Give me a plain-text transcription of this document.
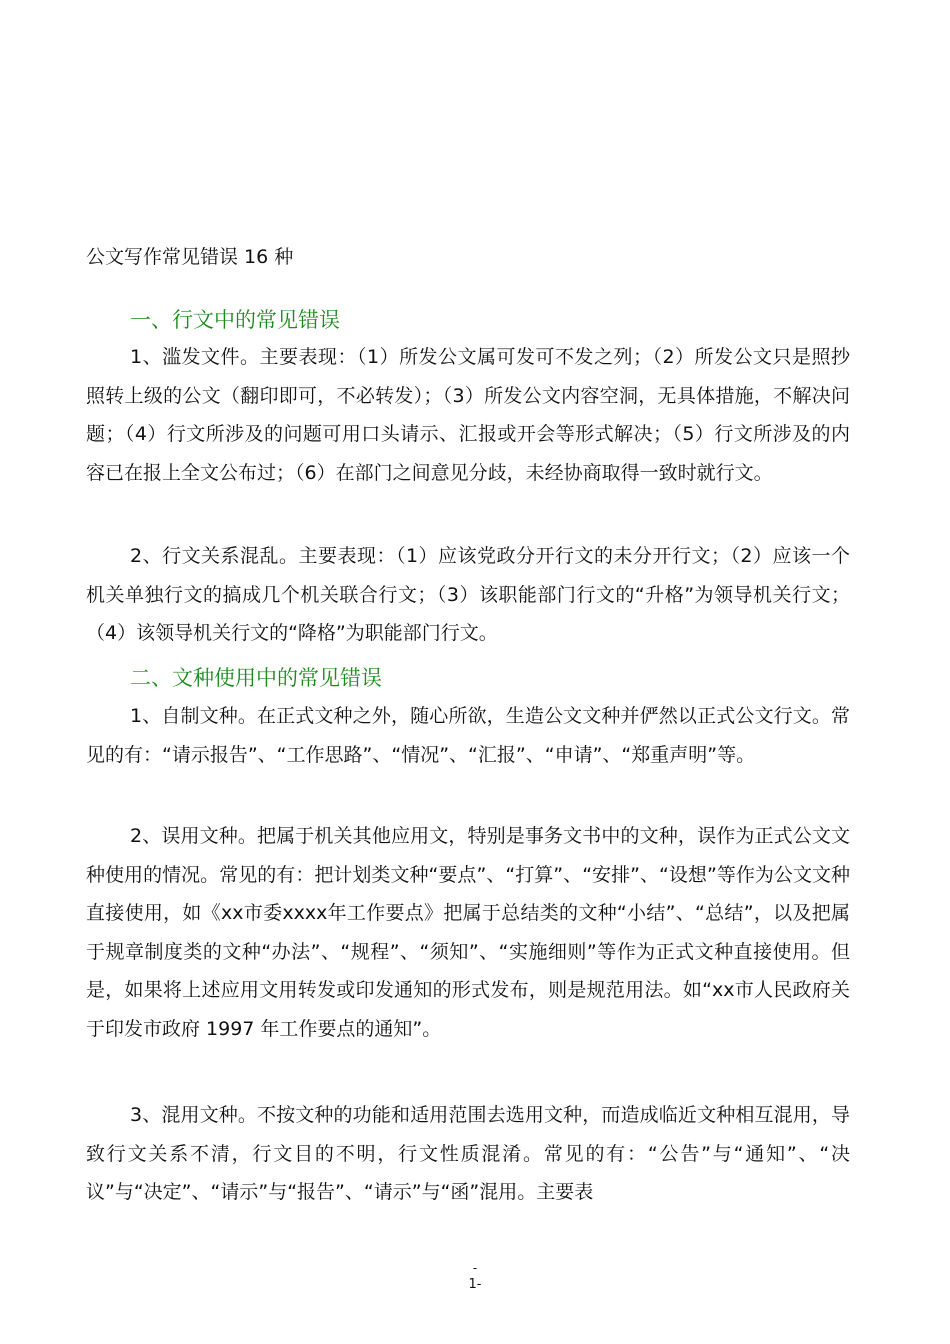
公文写作常见错误 16 种
一、行文中的常见错误

1、滥发文件。主要表现：（1）所发公文属可发可不发之列；（2）所发公文只是照抄照转上级的公文（翻印即可，不必转发）；（3）所发公文内容空洞，无具体措施，不解决问题；（4）行文所涉及的问题可用口头请示、汇报或开会等形式解决；（5）行文所涉及的内容已在报上全文公布过；（6）在部门之间意见分歧，未经协商取得一致时就行文。

2、行文关系混乱。主要表现：（1）应该党政分开行文的未分开行文；（2）应该一个机关单独行文的搞成几个机关联合行文；（3）该职能部门行文的“升格”为领导机关行文；（4）该领导机关行文的“降格”为职能部门行文。

二、文种使用中的常见错误

1、自制文种。在正式文种之外，随心所欲，生造公文文种并俨然以正式公文行文。常见的有：“请示报告”、“工作思路”、“情况”、“汇报”、“申请”、“郑重声明”等。

2、误用文种。把属于机关其他应用文，特别是事务文书中的文种，误作为正式公文文种使用的情况。常见的有：把计划类文种“要点”、“打算”、“安排”、“设想”等作为公文文种直接使用，如《xx市委xxxx年工作要点》把属于总结类的文种“小结”、“总结”，以及把属于规章制度类的文种“办法”、“规程”、“须知”、“实施细则”等作为正式文种直接使用。但是，如果将上述应用文用转发或印发通知的形式发布，则是规范用法。如“xx市人民政府关于印发市政府 1997 年工作要点的通知”。

3、混用文种。不按文种的功能和适用范围去选用文种，而造成临近文种相互混用，导致行文关系不清，行文目的不明，行文性质混淆。常见的有：“公告”与“通知”、“决议”与“决定”、“请示”与“报告”、“请示”与“函”混用。主要表

-
1-
